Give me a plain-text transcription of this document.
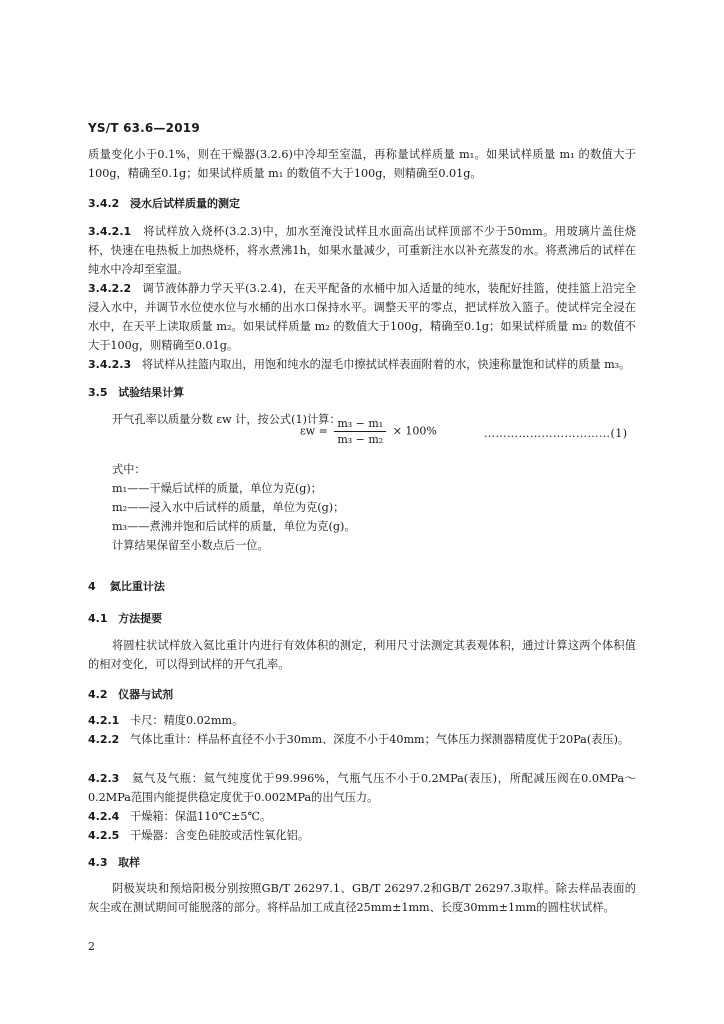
YS/T 63.6—2019
质量变化小于0.1%，则在干燥器(3.2.6)中冷却至室温，再称量试样质量 m₁。如果试样质量 m₁ 的数值大于100g，精确至0.1g；如果试样质量 m₁ 的数值不大于100g，则精确至0.01g。
3.4.2 浸水后试样质量的测定
3.4.2.1 将试样放入烧杯(3.2.3)中，加水至淹没试样且水面高出试样顶部不少于50mm。用玻璃片盖住烧杯，快速在电热板上加热烧杯，将水煮沸1h，如果水量减少，可重新注水以补充蒸发的水。将煮沸后的试样在纯水中冷却至室温。
3.4.2.2 调节液体静力学天平(3.2.4)，在天平配备的水桶中加入适量的纯水，装配好挂篮，使挂篮上沿完全浸入水中，并调节水位使水位与水桶的出水口保持水平。调整天平的零点，把试样放入篮子。使试样完全浸在水中，在天平上读取质量 m₂。如果试样质量 m₂ 的数值大于100g，精确至0.1g；如果试样质量 m₂ 的数值不大于100g，则精确至0.01g。
3.4.2.3 将试样从挂篮内取出，用饱和纯水的湿毛巾擦拭试样表面附着的水，快速称量饱和试样的质量 m₃。
3.5 试验结果计算
开气孔率以质量分数 εw 计，按公式(1)计算：
$\varepsilon w = \frac{\text{m₃ − m₁}}{\text{m₃ − m₂}} \times 100\%$	……………………………(1)
式中：
m₁——干燥后试样的质量，单位为克(g)；
m₂——浸入水中后试样的质量，单位为克(g)；
m₃——煮沸并饱和后试样的质量，单位为克(g)。
计算结果保留至小数点后一位。
4 氦比重计法
4.1 方法提要
将圆柱状试样放入氦比重计内进行有效体积的测定，利用尺寸法测定其表观体积，通过计算这两个体积值的相对变化，可以得到试样的开气孔率。
4.2 仪器与试剂
4.2.1 卡尺：精度0.02mm。
4.2.2 气体比重计：样品杯直径不小于30mm、深度不小于40mm；气体压力探测器精度优于20Pa(表压)。
4.2.3 氦气及气瓶：氦气纯度优于99.996%，气瓶气压不小于0.2MPa(表压)，所配减压阀在0.0MPa～0.2MPa范围内能提供稳定度优于0.002MPa的出气压力。
4.2.4 干燥箱：保温110℃±5℃。
4.2.5 干燥器：含变色硅胶或活性氧化铝。
4.3 取样
阴极炭块和预焙阳极分别按照GB/T 26297.1、GB/T 26297.2和GB/T 26297.3取样。除去样品表面的灰尘或在测试期间可能脱落的部分。将样品加工成直径25mm±1mm、长度30mm±1mm的圆柱状试样。
2
